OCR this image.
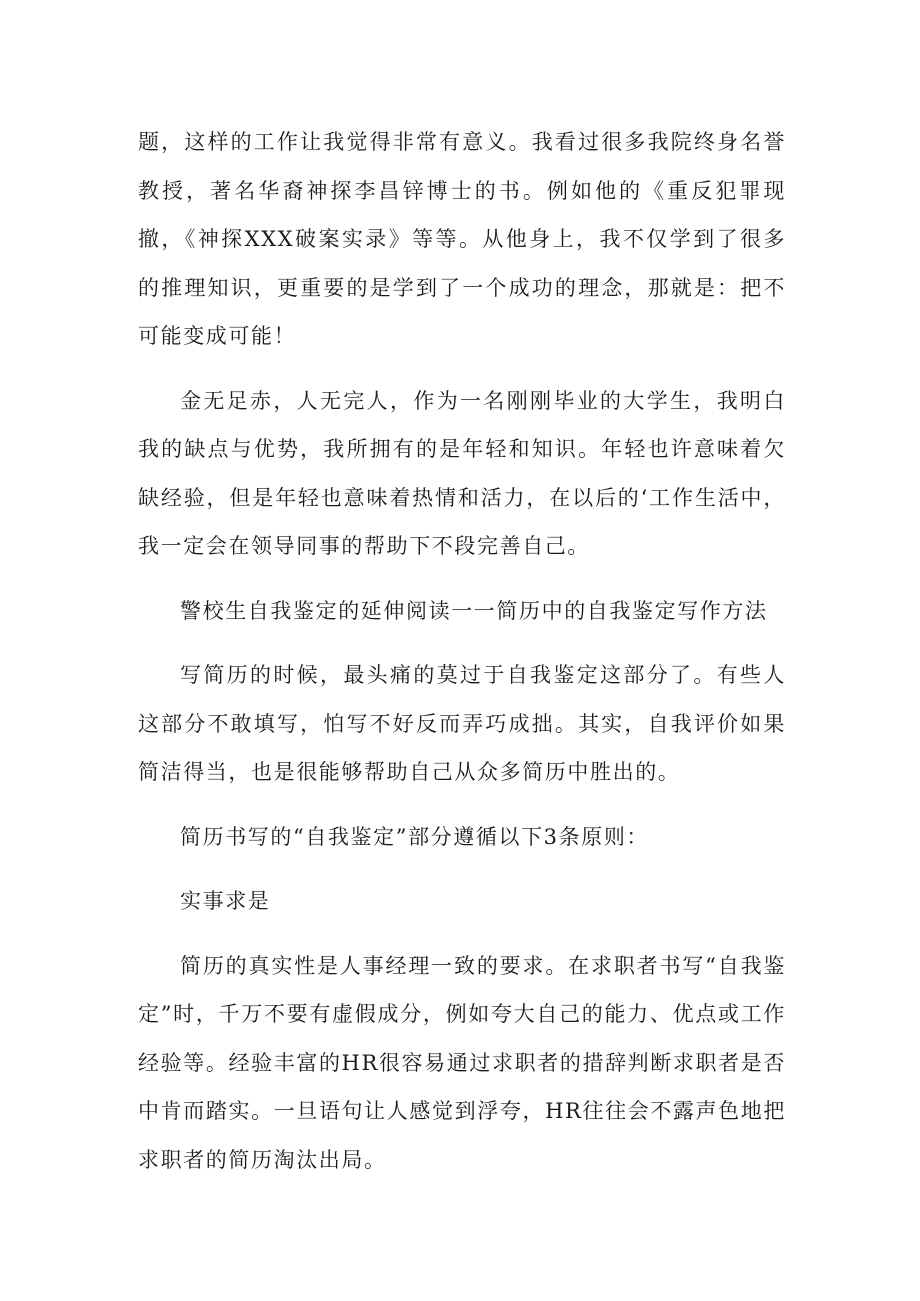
题，这样的工作让我觉得非常有意义。我看过很多我院终身名誉教授，著名华裔神探李昌锌博士的书。例如他的《重反犯罪现撤，《神探XXX破案实录》等等。从他身上，我不仅学到了很多的推理知识，更重要的是学到了一个成功的理念，那就是：把不可能变成可能！

金无足赤，人无完人，作为一名刚刚毕业的大学生，我明白我的缺点与优势，我所拥有的是年轻和知识。年轻也许意味着欠缺经验，但是年轻也意味着热情和活力，在以后的‘工作生活中，我一定会在领导同事的帮助下不段完善自己。

警校生自我鉴定的延伸阅读一一简历中的自我鉴定写作方法

写简历的时候，最头痛的莫过于自我鉴定这部分了。有些人这部分不敢填写，怕写不好反而弄巧成拙。其实，自我评价如果简洁得当，也是很能够帮助自己从众多简历中胜出的。

简历书写的“自我鉴定”部分遵循以下3条原则：

实事求是

简历的真实性是人事经理一致的要求。在求职者书写“自我鉴定”时，千万不要有虚假成分，例如夸大自己的能力、优点或工作经验等。经验丰富的HR很容易通过求职者的措辞判断求职者是否中肯而踏实。一旦语句让人感觉到浮夸，HR往往会不露声色地把求职者的简历淘汰出局。
